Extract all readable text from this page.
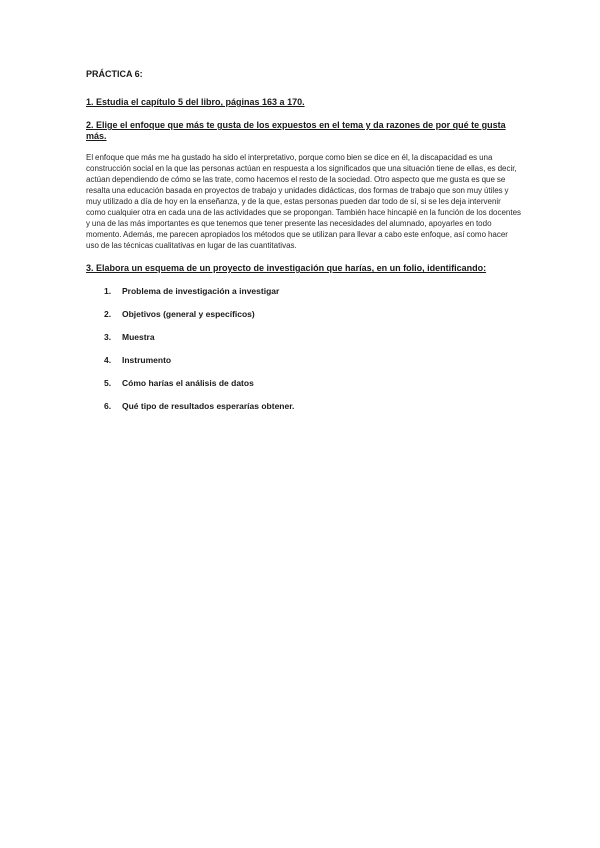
PRÁCTICA 6:
1. Estudia el capítulo 5 del libro, páginas 163 a 170.
2. Elige el enfoque que más te gusta de los expuestos en el tema y da razones de por qué te gusta más.

El enfoque que más me ha gustado ha sido el interpretativo, porque como bien se dice en él, la discapacidad es una construcción social en la que las personas actúan en respuesta a los significados que una situación tiene de ellas, es decir, actúan dependiendo de cómo se las trate, como hacemos el resto de la sociedad. Otro aspecto que me gusta es que se resalta una educación basada en proyectos de trabajo y unidades didácticas, dos formas de trabajo que son muy útiles y muy utilizado a día de hoy en la enseñanza, y de la que, estas personas pueden dar todo de sí, si se les deja intervenir como cualquier otra en cada una de las actividades que se propongan. También hace hincapié en la función de los docentes y una de las más importantes es que tenemos que tener presente las necesidades del alumnado, apoyarles en todo momento. Además, me parecen apropiados los métodos que se utilizan para llevar a cabo este enfoque, así como hacer uso de las técnicas cualitativas en lugar de las cuantitativas.

3. Elabora un esquema de un proyecto de investigación que harías, en un folio, identificando:
1. Problema de investigación a investigar
2. Objetivos (general y específicos)
3. Muestra
4. Instrumento
5. Cómo harías el análisis de datos
6. Qué tipo de resultados esperarías obtener.
